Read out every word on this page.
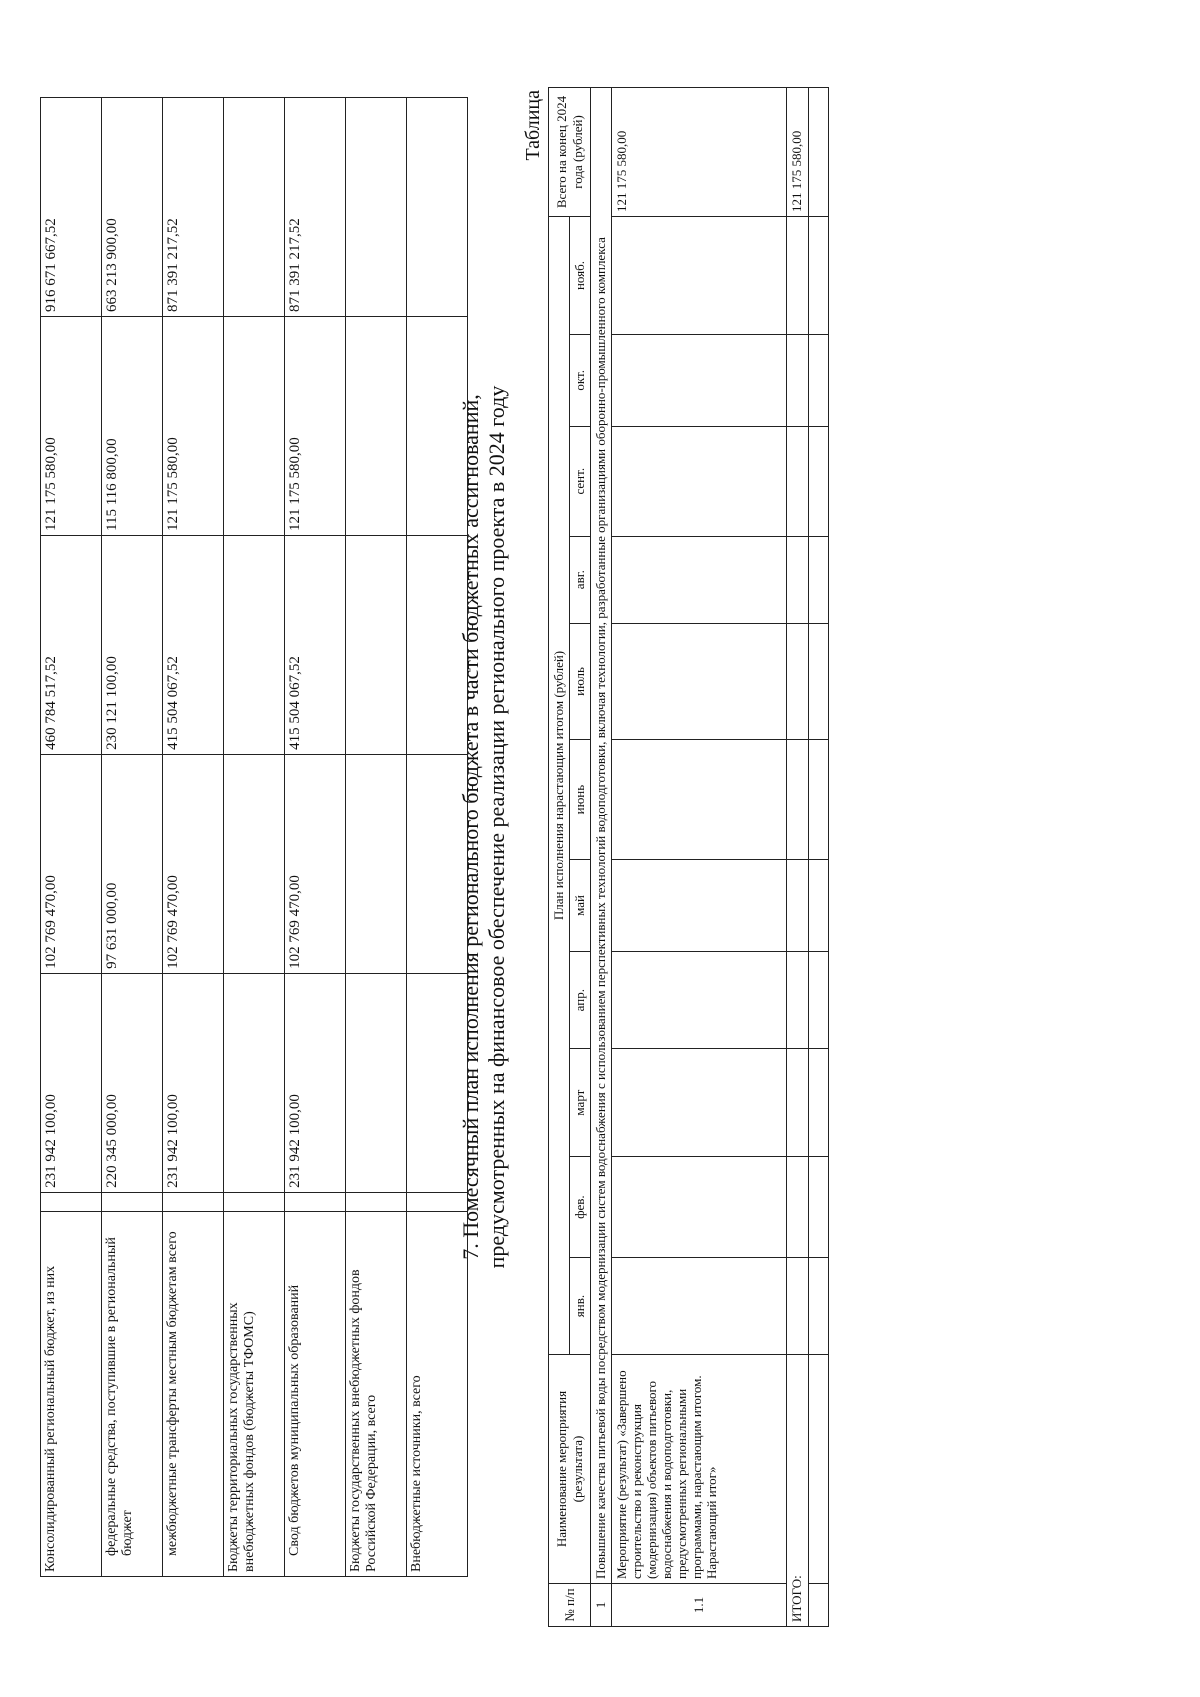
Консолидированный региональный бюджет, из них		231 942 100,00	102 769 470,00	460 784 517,52	121 175 580,00	916 671 667,52
федеральные средства, поступившие в региональный бюджет		220 345 000,00	97 631 000,00	230 121 100,00	115 116 800,00	663 213 900,00
межбюджетные трансферты местным бюджетам всего		231 942 100,00	102 769 470,00	415 504 067,52	121 175 580,00	871 391 217,52
Бюджеты территориальных государственных внебюджетных фондов (бюджеты ТФОМС)						
Свод бюджетов муниципальных образований		231 942 100,00	102 769 470,00	415 504 067,52	121 175 580,00	871 391 217,52
Бюджеты государственных внебюджетных фондов Российской Федерации, всего						
Внебюджетные источники, всего						
7. Помесячный план исполнения регионального бюджета в части бюджетных ассигнований, предусмотренных на финансовое обеспечение реализации регионального проекта в 2024 году
Таблица
№ п/п	Наименование мероприятия (результата)	План исполнения нарастающим итогом (рублей)											Всего на конец 2024 года (рублей)
		янв.	фев.	март	апр.	май	июнь	июль	авг.	сент.	окт.	нояб.	
1	Повышение качества питьевой воды посредством модернизации систем водоснабжения с использованием перспективных технологий водоподготовки, включая технологии, разработанные организациями оборонно-промышленного комплекса												
1.1	Мероприятие (результат) «Завершено строительство и реконструкция (модернизация) объектов питьевого водоснабжения и водоподготовки, предусмотренных региональными программами, нарастающим итогом. Нарастающий итог»												121 175 580,00
ИТОГО:													121 175 580,00
